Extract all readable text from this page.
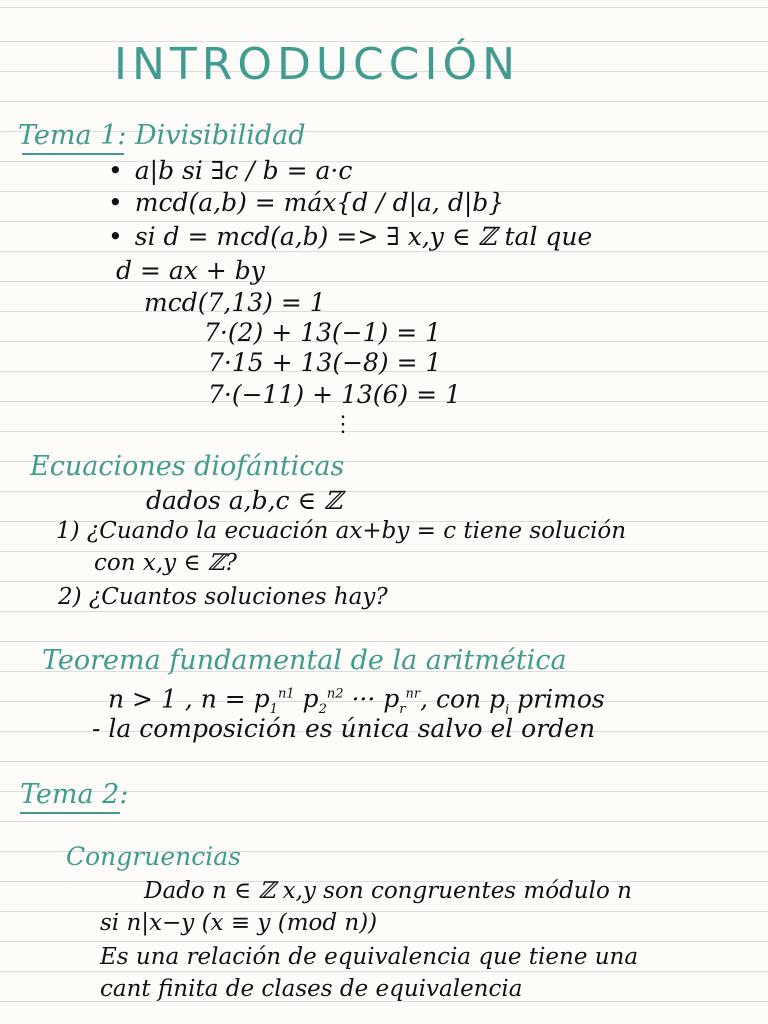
INTRODUCCIÓN
Tema 1: Divisibilidad
• a|b si ∃c / b = a·c
• mcd(a,b) = máx{d / d|a, d|b}
• si d = mcd(a,b) => ∃ x,y ∈ ℤ tal que
d = ax + by
mcd(7,13) = 1
7·(2) + 13(−1) = 1
7·15 + 13(−8) = 1
7·(−11) + 13(6) = 1
⋮
Ecuaciones diofánticas
dados a,b,c ∈ ℤ
1) ¿Cuando la ecuación ax+by = c tiene solución
con x,y ∈ ℤ?
2) ¿Cuantos soluciones hay?
Teorema fundamental de la aritmética
n > 1 , $n = p_1^{n1}$ $p_2^{n2}$ ··· $p_r^{nr}$, con $p_i$ primos
- la composición es única salvo el orden
Tema 2:
Congruencias
Dado n ∈ ℤ x,y son congruentes módulo n
si n|x−y (x ≡ y (mod n))
Es una relación de equivalencia que tiene una
cant finita de clases de equivalencia
